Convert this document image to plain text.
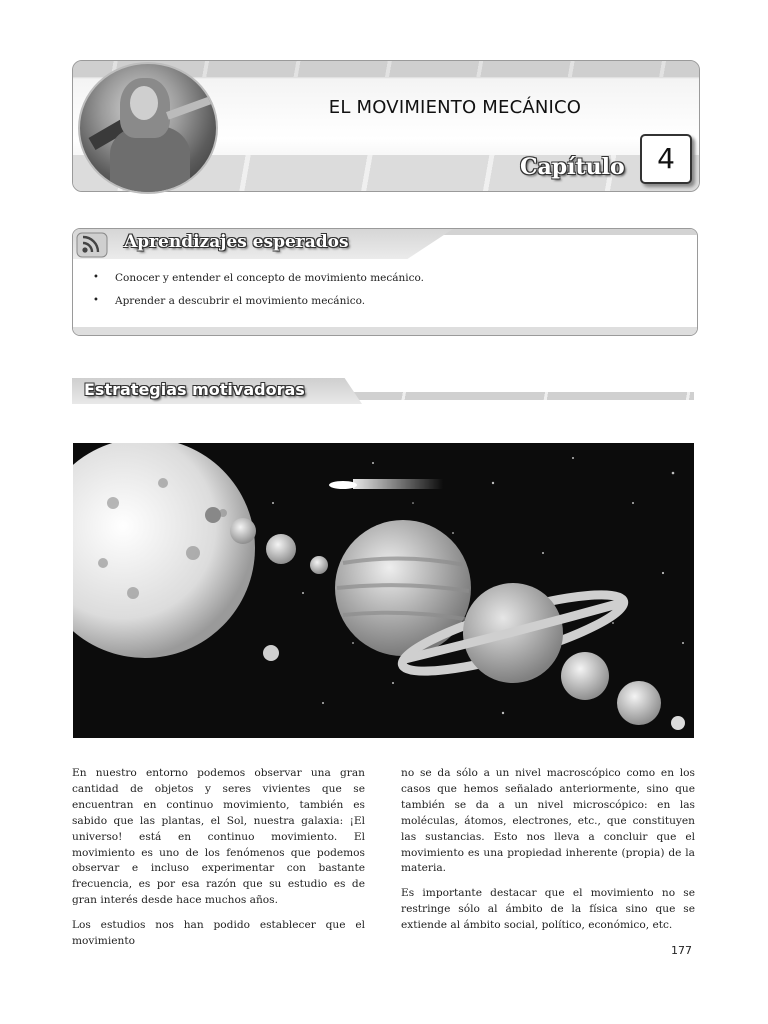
EL MOVIMIENTO MECÁNICO
Capítulo	4
Aprendizajes esperados
• Conocer y entender el concepto de movimiento mecánico.
• Aprender a descubrir el movimiento mecánico.
Estrategias motivadoras

En nuestro entorno podemos observar una gran cantidad de objetos y seres vivientes que se encuentran en continuo movimiento, también es sabido que las plantas, el Sol, nuestra galaxia: ¡El universo! está en continuo movimiento. El movimiento es uno de los fenómenos que podemos observar e incluso experimentar con bastante frecuencia, es por esa razón que su estudio es de gran interés desde hace muchos años.

Los estudios nos han podido establecer que el movimiento

no se da sólo a un nivel macroscópico como en los casos que hemos señalado anteriormente, sino que también se da a un nivel microscópico: en las moléculas, átomos, electrones, etc., que constituyen las sustancias. Esto nos lleva a concluir que el movimiento es una propiedad inherente (propia) de la materia.

Es importante destacar que el movimiento no se restringe sólo al ámbito de la física sino que se extiende al ámbito social, político, económico, etc.

177
